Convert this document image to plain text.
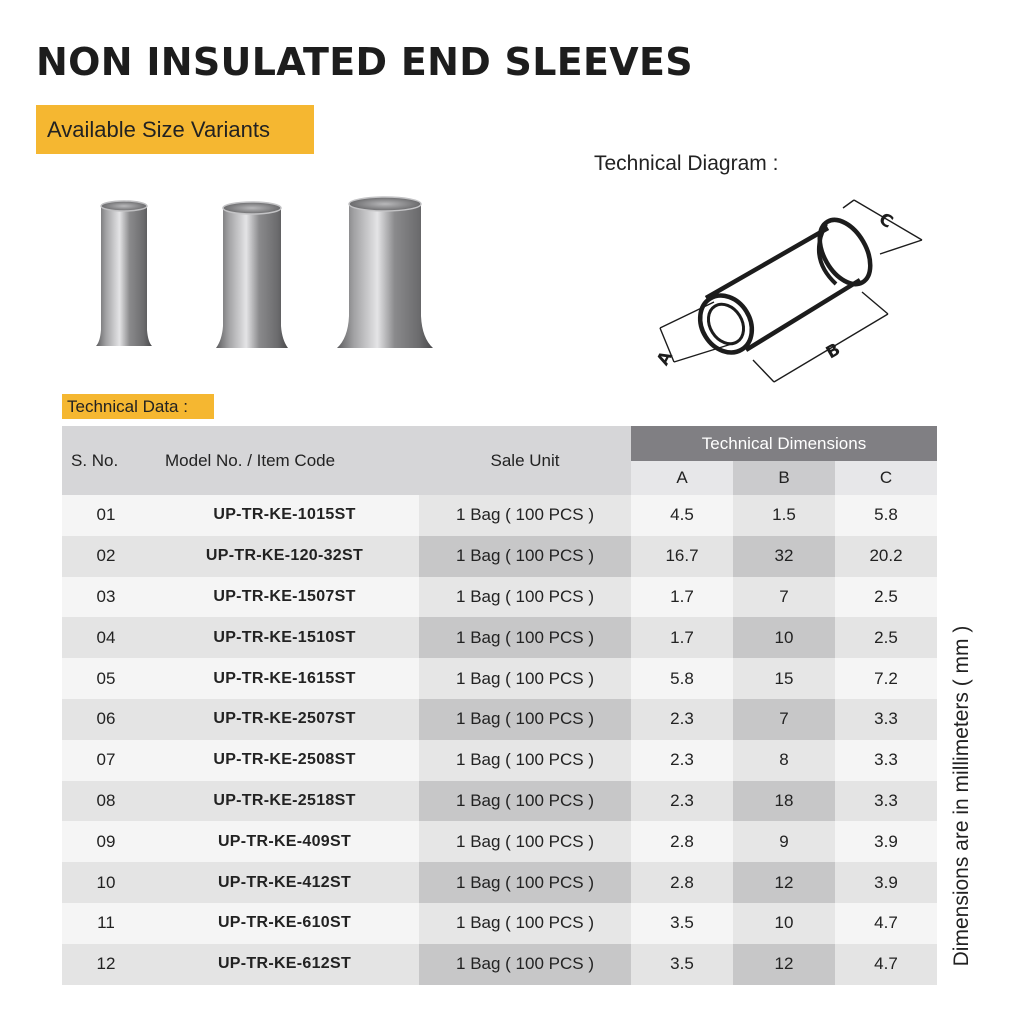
NON INSULATED END SLEEVES
Available Size Variants
Technical Diagram :
A	B
C
Technical Data :
S. No.	Model No. / Item Code	Sale Unit	Technical Dimensions		
			A	B	C
01	UP-TR-KE-1015ST	1 Bag ( 100 PCS )	4.5	1.5	5.8
02	UP-TR-KE-120-32ST	1 Bag ( 100 PCS )	16.7	32	20.2
03	UP-TR-KE-1507ST	1 Bag ( 100 PCS )	1.7	7	2.5
04	UP-TR-KE-1510ST	1 Bag ( 100 PCS )	1.7	10	2.5
05	UP-TR-KE-1615ST	1 Bag ( 100 PCS )	5.8	15	7.2
06	UP-TR-KE-2507ST	1 Bag ( 100 PCS )	2.3	7	3.3
07	UP-TR-KE-2508ST	1 Bag ( 100 PCS )	2.3	8	3.3
08	UP-TR-KE-2518ST	1 Bag ( 100 PCS )	2.3	18	3.3
09	UP-TR-KE-409ST	1 Bag ( 100 PCS )	2.8	9	3.9
10	UP-TR-KE-412ST	1 Bag ( 100 PCS )	2.8	12	3.9
11	UP-TR-KE-610ST	1 Bag ( 100 PCS )	3.5	10	4.7
12	UP-TR-KE-612ST	1 Bag ( 100 PCS )	3.5	12	4.7 Dimensions are in millimeters ( mm )
